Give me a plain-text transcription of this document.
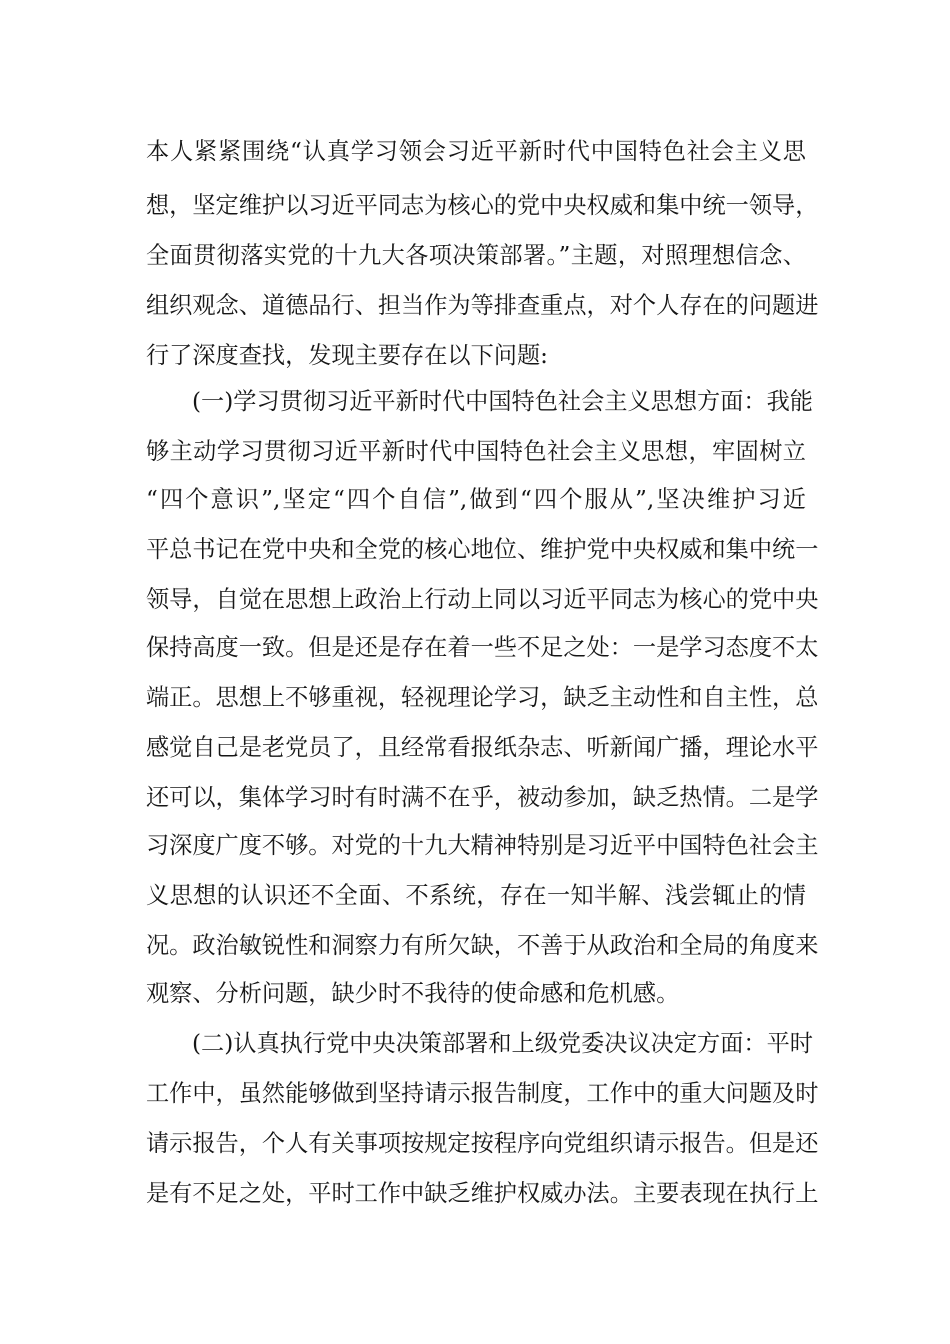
本人紧紧围绕“认真学习领会习近平新时代中国特色社会主义思
想，坚定维护以习近平同志为核心的党中央权威和集中统一领导，
全面贯彻落实党的十九大各项决策部署。”主题，对照理想信念、
组织观念、道德品行、担当作为等排查重点，对个人存在的问题进
行了深度查找，发现主要存在以下问题:
(一)学习贯彻习近平新时代中国特色社会主义思想方面：我能
够主动学习贯彻习近平新时代中国特色社会主义思想，牢固树立
“四个意识”,坚定“四个自信”,做到“四个服从”,坚决维护习近
平总书记在党中央和全党的核心地位、维护党中央权威和集中统一
领导，自觉在思想上政治上行动上同以习近平同志为核心的党中央
保持高度一致。但是还是存在着一些不足之处：一是学习态度不太
端正。思想上不够重视，轻视理论学习，缺乏主动性和自主性，总
感觉自己是老党员了，且经常看报纸杂志、听新闻广播，理论水平
还可以，集体学习时有时满不在乎，被动参加，缺乏热情。二是学
习深度广度不够。对党的十九大精神特别是习近平中国特色社会主
义思想的认识还不全面、不系统，存在一知半解、浅尝辄止的情
况。政治敏锐性和洞察力有所欠缺，不善于从政治和全局的角度来
观察、分析问题，缺少时不我待的使命感和危机感。
(二)认真执行党中央决策部署和上级党委决议决定方面：平时
工作中，虽然能够做到坚持请示报告制度，工作中的重大问题及时
请示报告，个人有关事项按规定按程序向党组织请示报告。但是还
是有不足之处，平时工作中缺乏维护权威办法。主要表现在执行上
